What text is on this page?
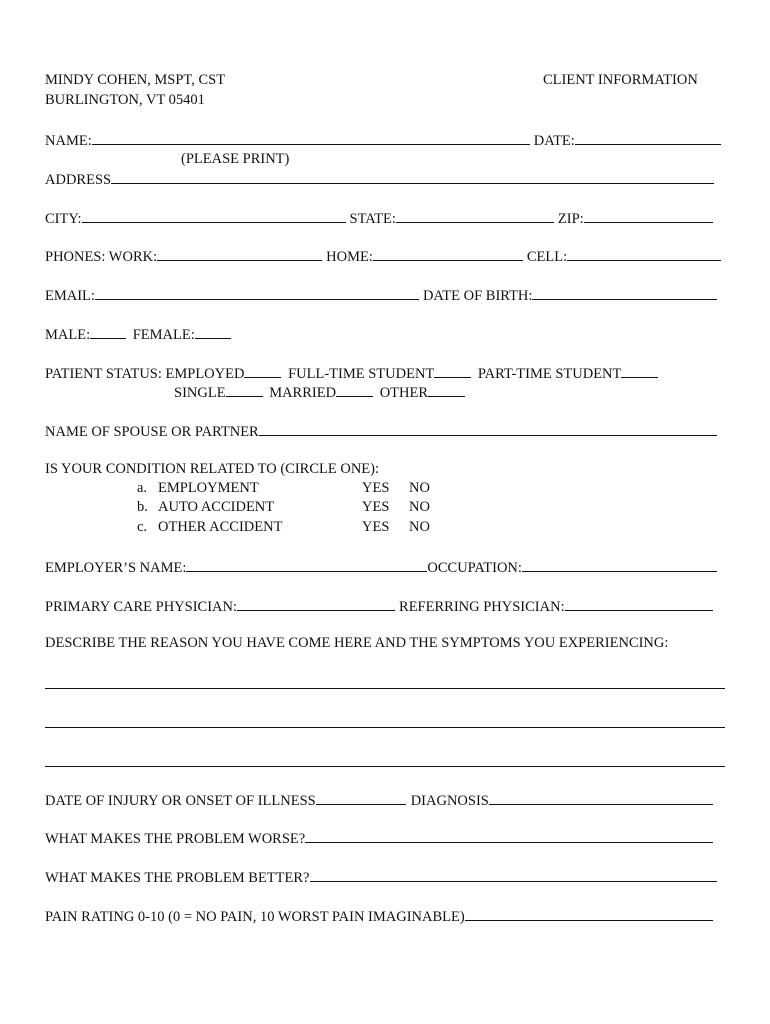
MINDY COHEN, MSPT, CST
BURLINGTON, VT 05401
CLIENT INFORMATION
NAME:	DATE:
(PLEASE PRINT)
ADDRESS
CITY:	STATE:	ZIP:
PHONES: WORK:	HOME:	CELL:
EMAIL:	DATE OF BIRTH:
MALE:	FEMALE:
PATIENT STATUS: EMPLOYED	FULL-TIME STUDENT	PART-TIME STUDENT
SINGLE	MARRIED	OTHER
NAME OF SPOUSE OR PARTNER
IS YOUR CONDITION RELATED TO (CIRCLE ONE):
a. EMPLOYMENT	YES NO
b. AUTO ACCIDENT	YES NO
c. OTHER ACCIDENT	YES NO
EMPLOYER’S NAME:	OCCUPATION:
PRIMARY CARE PHYSICIAN:	REFERRING PHYSICIAN:
DESCRIBE THE REASON YOU HAVE COME HERE AND THE SYMPTOMS YOU EXPERIENCING:
DATE OF INJURY OR ONSET OF ILLNESS	DIAGNOSIS
WHAT MAKES THE PROBLEM WORSE?
WHAT MAKES THE PROBLEM BETTER?
PAIN RATING 0-10 (0 = NO PAIN, 10 WORST PAIN IMAGINABLE)
